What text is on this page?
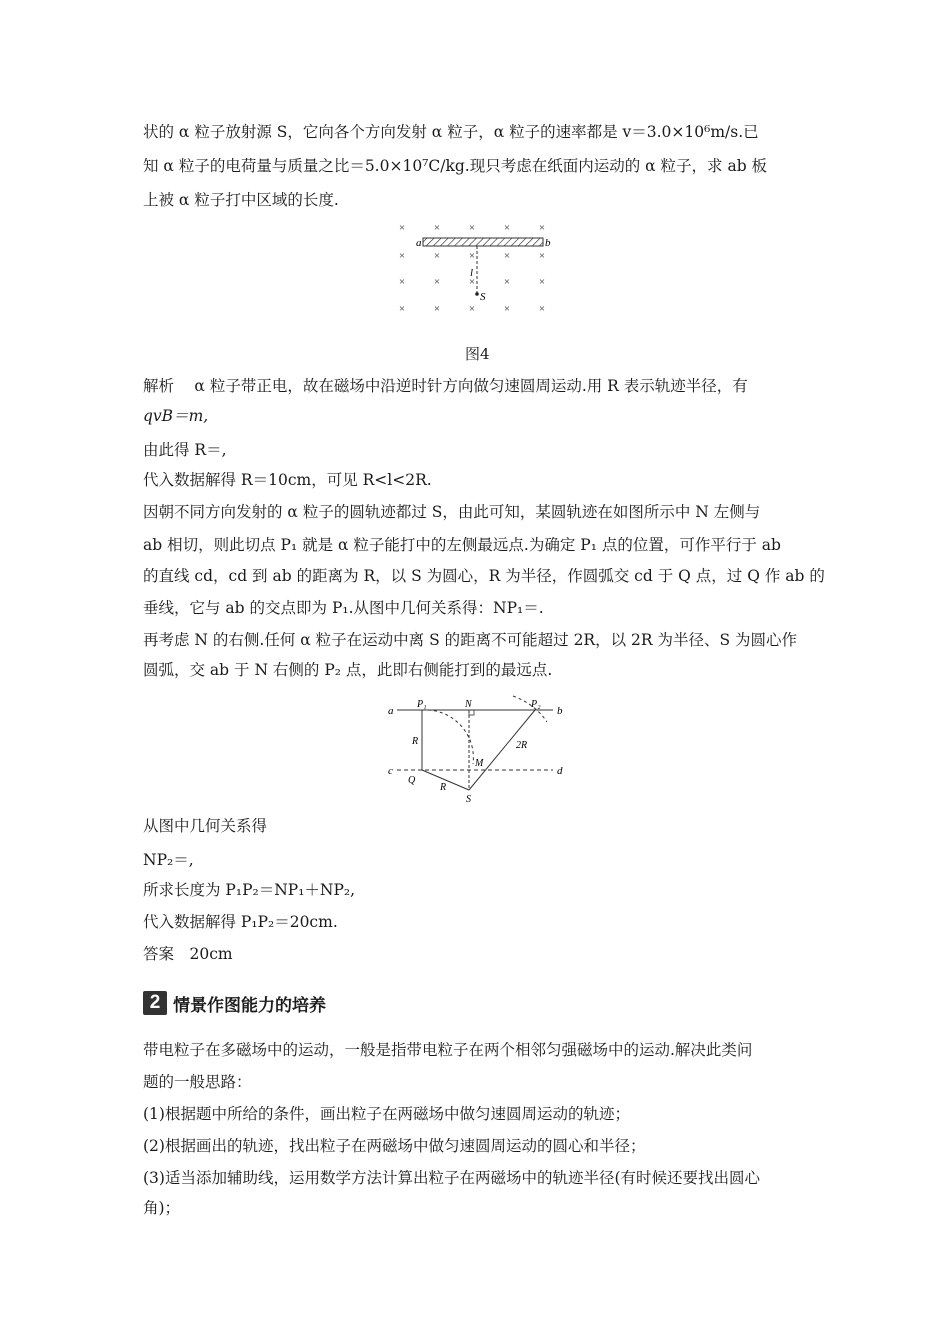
状的 α 粒子放射源 S，它向各个方向发射 α 粒子，α 粒子的速率都是 v＝3.0×10⁶m/s.已
知 α 粒子的电荷量与质量之比＝5.0×10⁷C/kg.现只考虑在纸面内运动的 α 粒子，求 ab 板
上被 α 粒子打中区域的长度.
×	×	×	×	×
×	×	×	×	×
×	×	×	×	×
×	×	×	×	×
a	b
l
S
图4
解析　 α 粒子带正电，故在磁场中沿逆时针方向做匀速圆周运动.用 R 表示轨迹半径，有
qvB＝m,
由此得 R＝,
代入数据解得 R＝10cm，可见 R<l<2R.
因朝不同方向发射的 α 粒子的圆轨迹都过 S，由此可知，某圆轨迹在如图所示中 N 左侧与
ab 相切，则此切点 P₁ 就是 α 粒子能打中的左侧最远点.为确定 P₁ 点的位置，可作平行于 ab
的直线 cd，cd 到 ab 的距离为 R，以 S 为圆心，R 为半径，作圆弧交 cd 于 Q 点，过 Q 作 ab 的
垂线，它与 ab 的交点即为 P₁.从图中几何关系得：NP₁＝.
再考虑 N 的右侧.任何 α 粒子在运动中离 S 的距离不可能超过 2R，以 2R 为半径、S 为圆心作
圆弧，交 ab 于 N 右侧的 P₂ 点，此即右侧能打到的最远点.
a	b
c	d
P₁	N	P₂
R	2R
M
Q
R
S
从图中几何关系得
NP₂＝,
所求长度为 P₁P₂＝NP₁＋NP₂,
代入数据解得 P₁P₂＝20cm.
答案　20cm
2 情景作图能力的培养
带电粒子在多磁场中的运动，一般是指带电粒子在两个相邻匀强磁场中的运动.解决此类问
题的一般思路：
(1)根据题中所给的条件，画出粒子在两磁场中做匀速圆周运动的轨迹；
(2)根据画出的轨迹，找出粒子在两磁场中做匀速圆周运动的圆心和半径；
(3)适当添加辅助线，运用数学方法计算出粒子在两磁场中的轨迹半径(有时候还要找出圆心
角)；
